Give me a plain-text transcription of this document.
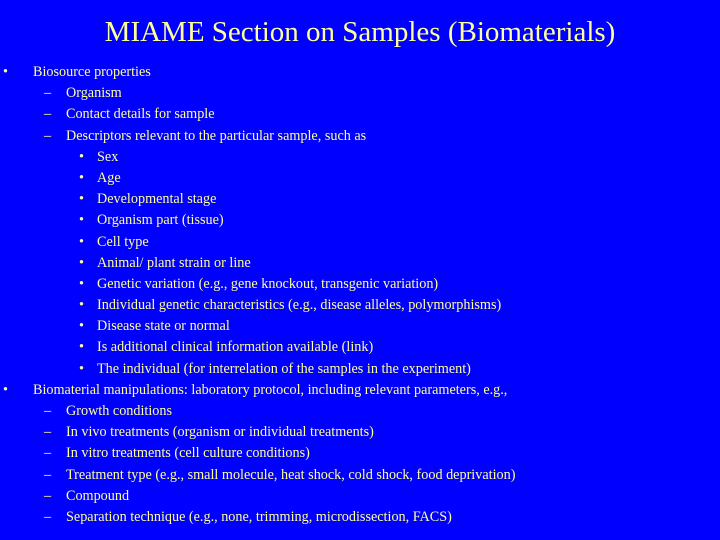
MIAME Section on Samples (Biomaterials)
• Biosource properties
– Organism
– Contact details for sample
– Descriptors relevant to the particular sample, such as
• Sex
• Age
• Developmental stage
• Organism part (tissue)
• Cell type
• Animal/ plant strain or line
• Genetic variation (e.g., gene knockout, transgenic variation)
• Individual genetic characteristics (e.g., disease alleles, polymorphisms)
• Disease state or normal
• Is additional clinical information available (link)
• The individual (for interrelation of the samples in the experiment)
• Biomaterial manipulations: laboratory protocol, including relevant parameters, e.g.,
– Growth conditions
– In vivo treatments (organism or individual treatments)
– In vitro treatments (cell culture conditions)
– Treatment type (e.g., small molecule, heat shock, cold shock, food deprivation)
– Compound
– Separation technique (e.g., none, trimming, microdissection, FACS)
